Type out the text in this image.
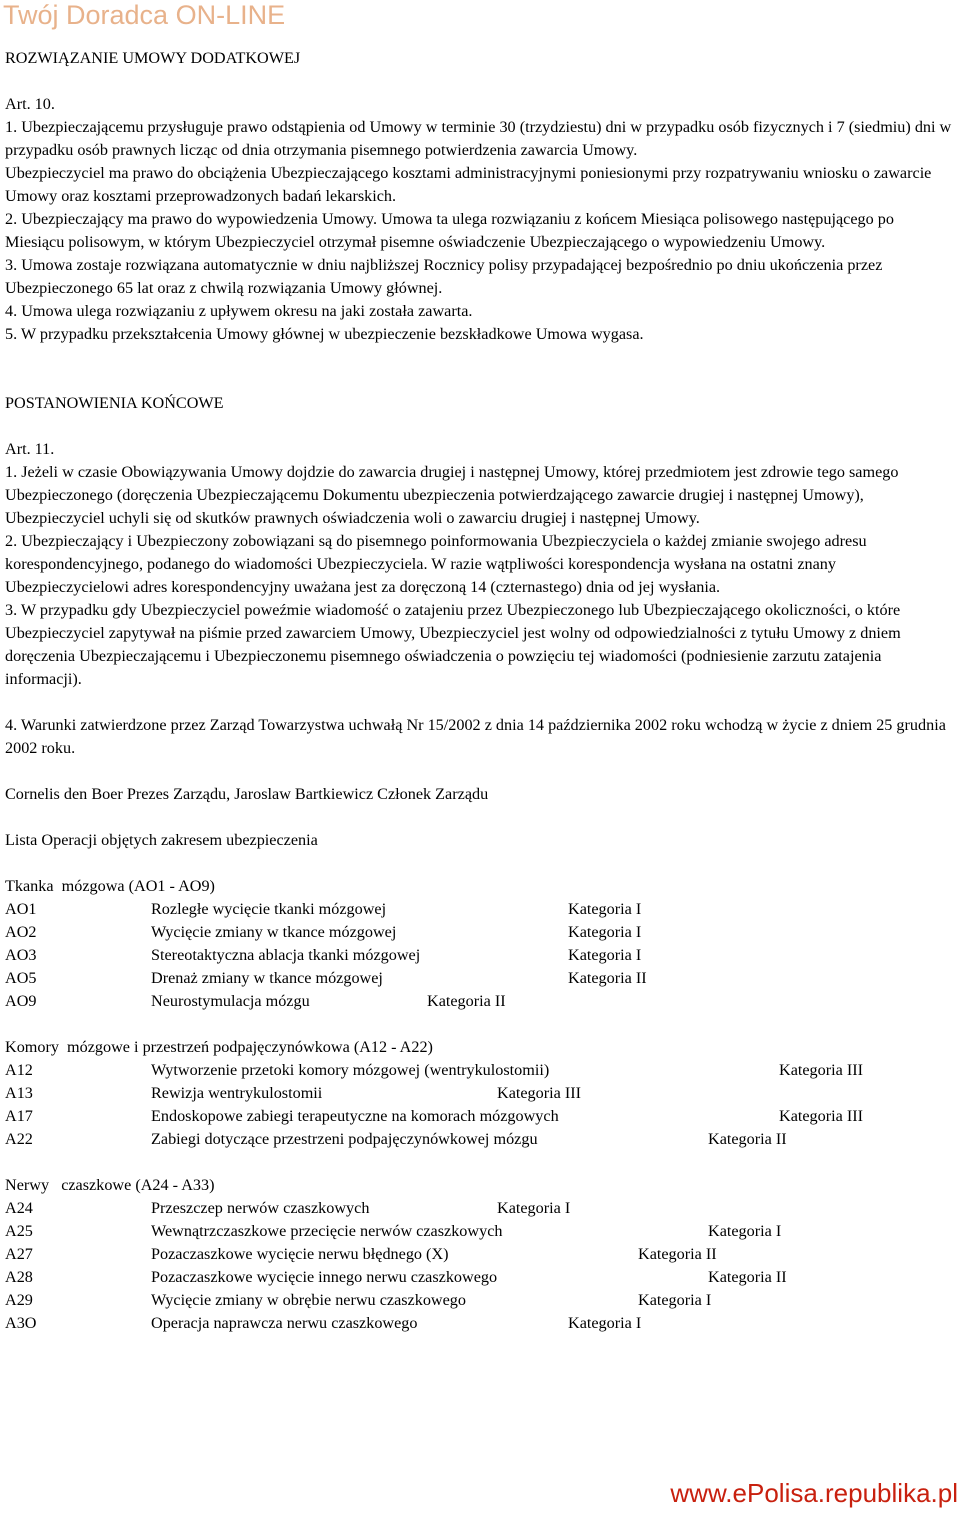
Twój Doradca ON-LINE

ROZWIĄZANIE UMOWY DODATKOWEJ

Art. 10.

1. Ubezpieczającemu przysługuje prawo odstąpienia od Umowy w terminie 30 (trzydziestu) dni w przypadku osób fizycznych i 7 (siedmiu) dni w przypadku osób prawnych licząc od dnia otrzymania pisemnego potwierdzenia zawarcia Umowy.

Ubezpieczyciel ma prawo do obciążenia Ubezpieczającego kosztami administracyjnymi poniesionymi przy rozpatrywaniu wniosku o zawarcie Umowy oraz kosztami przeprowadzonych badań lekarskich.

2. Ubezpieczający ma prawo do wypowiedzenia Umowy. Umowa ta ulega rozwiązaniu z końcem Miesiąca polisowego następującego po Miesiącu polisowym, w którym Ubezpieczyciel otrzymał pisemne oświadczenie Ubezpieczającego o wypowiedzeniu Umowy.

3. Umowa zostaje rozwiązana automatycznie w dniu najbliższej Rocznicy polisy przypadającej bezpośrednio po dniu ukończenia przez Ubezpieczonego 65 lat oraz z chwilą rozwiązania Umowy głównej.

4. Umowa ulega rozwiązaniu z upływem okresu na jaki została zawarta.

5. W przypadku przekształcenia Umowy głównej w ubezpieczenie bezskładkowe Umowa wygasa.

POSTANOWIENIA KOŃCOWE

Art. 11.

1. Jeżeli w czasie Obowiązywania Umowy dojdzie do zawarcia drugiej i następnej Umowy, której przedmiotem jest zdrowie tego samego Ubezpieczonego (doręczenia Ubezpieczającemu Dokumentu ubezpieczenia potwierdzającego zawarcie drugiej i następnej Umowy), Ubezpieczyciel uchyli się od skutków prawnych oświadczenia woli o zawarciu drugiej i następnej Umowy.

2. Ubezpieczający i Ubezpieczony zobowiązani są do pisemnego poinformowania Ubezpieczyciela o każdej zmianie swojego adresu korespondencyjnego, podanego do wiadomości Ubezpieczyciela. W razie wątpliwości korespondencja wysłana na ostatni znany Ubezpieczycielowi adres korespondencyjny uważana jest za doręczoną 14 (czternastego) dnia od jej wysłania.

3. W przypadku gdy Ubezpieczyciel poweźmie wiadomość o zatajeniu przez Ubezpieczonego lub Ubezpieczającego okoliczności, o które Ubezpieczyciel zapytywał na piśmie przed zawarciem Umowy, Ubezpieczyciel jest wolny od odpowiedzialności z tytułu Umowy z dniem doręczenia Ubezpieczającemu i Ubezpieczonemu pisemnego oświadczenia o powzięciu tej wiadomości (podniesienie zarzutu zatajenia informacji).

4. Warunki zatwierdzone przez Zarząd Towarzystwa uchwałą Nr 15/2002 z dnia 14 października 2002 roku wchodzą w życie z dniem 25 grudnia 2002 roku.

Cornelis den Boer Prezes Zarządu, Jaroslaw Bartkiewicz Członek Zarządu

Lista Operacji objętych zakresem ubezpieczenia

Tkanka  mózgowa (AO1 - AO9)
AO1	Rozległe wycięcie tkanki mózgowej	Kategoria I
AO2	Wycięcie zmiany w tkance mózgowej	Kategoria I
AO3	Stereotaktyczna ablacja tkanki mózgowej	Kategoria I
AO5	Drenaż zmiany w tkance mózgowej	Kategoria II
AO9	Neurostymulacja mózgu	Kategoria II
Komory  mózgowe i przestrzeń podpajęczynówkowa (A12 - A22)
A12	Wytworzenie przetoki komory mózgowej (wentrykulostomii)	Kategoria III
A13	Rewizja wentrykulostomii	Kategoria III
A17	Endoskopowe zabiegi terapeutyczne na komorach mózgowych	Kategoria III
A22	Zabiegi dotyczące przestrzeni podpajęczynówkowej mózgu	Kategoria II
Nerwy   czaszkowe (A24 - A33)
A24	Przeszczep nerwów czaszkowych	Kategoria I
A25	Wewnątrzczaszkowe przecięcie nerwów czaszkowych	Kategoria I
A27	Pozaczaszkowe wycięcie nerwu błędnego (X)	Kategoria II
A28	Pozaczaszkowe wycięcie innego nerwu czaszkowego	Kategoria II
A29	Wycięcie zmiany w obrębie nerwu czaszkowego	Kategoria I
A3O	Operacja naprawcza nerwu czaszkowego	Kategoria I
www.ePolisa.republika.pl
